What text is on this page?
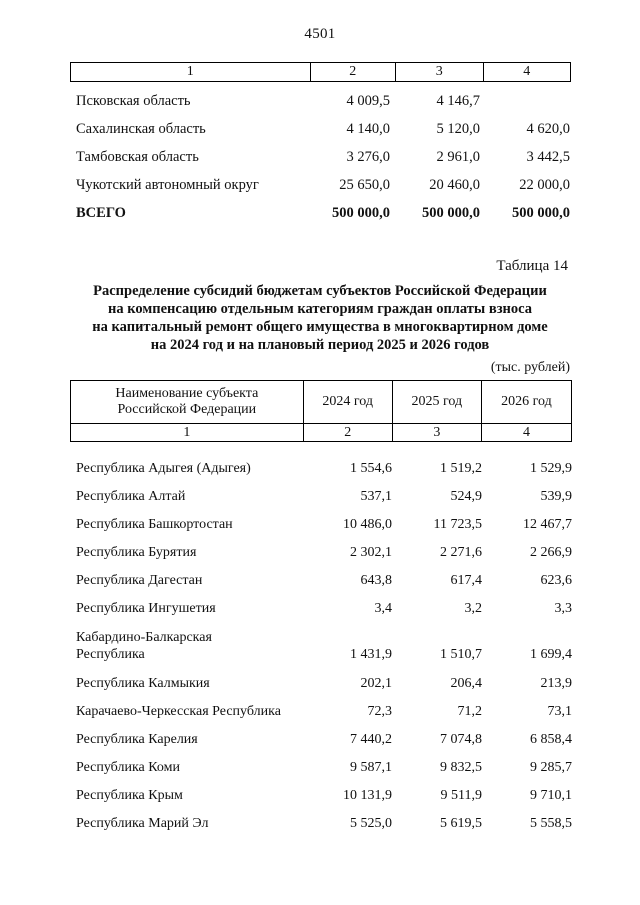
4501
1	2	3	4
Псковская область	4 009,5	4 146,7
Сахалинская область	4 140,0	5 120,0	4 620,0
Тамбовская область	3 276,0	2 961,0	3 442,5
Чукотский автономный округ	25 650,0	20 460,0	22 000,0
ВСЕГО	500 000,0	500 000,0	500 000,0
Таблица 14
Распределение субсидий бюджетам субъектов Российской Федерации
на компенсацию отдельным категориям граждан оплаты взноса
на капитальный ремонт общего имущества в многоквартирном доме
на 2024 год и на плановый период 2025 и 2026 годов
(тыс. рублей)
Наименование субъекта
Российской Федерации
2024 год	2025 год	2026 год
1	2	3	4
Республика Адыгея (Адыгея)	1 554,6	1 519,2	1 529,9
Республика Алтай	537,1	524,9	539,9
Республика Башкортостан	10 486,0	11 723,5	12 467,7
Республика Бурятия	2 302,1	2 271,6	2 266,9
Республика Дагестан	643,8	617,4	623,6
Республика Ингушетия	3,4	3,2	3,3
Кабардино-Балкарская
Республика	1 431,9	1 510,7	1 699,4
Республика Калмыкия	202,1	206,4	213,9
Карачаево-Черкесская Республика	72,3	71,2	73,1
Республика Карелия	7 440,2	7 074,8	6 858,4
Республика Коми	9 587,1	9 832,5	9 285,7
Республика Крым	10 131,9	9 511,9	9 710,1
Республика Марий Эл	5 525,0	5 619,5	5 558,5
